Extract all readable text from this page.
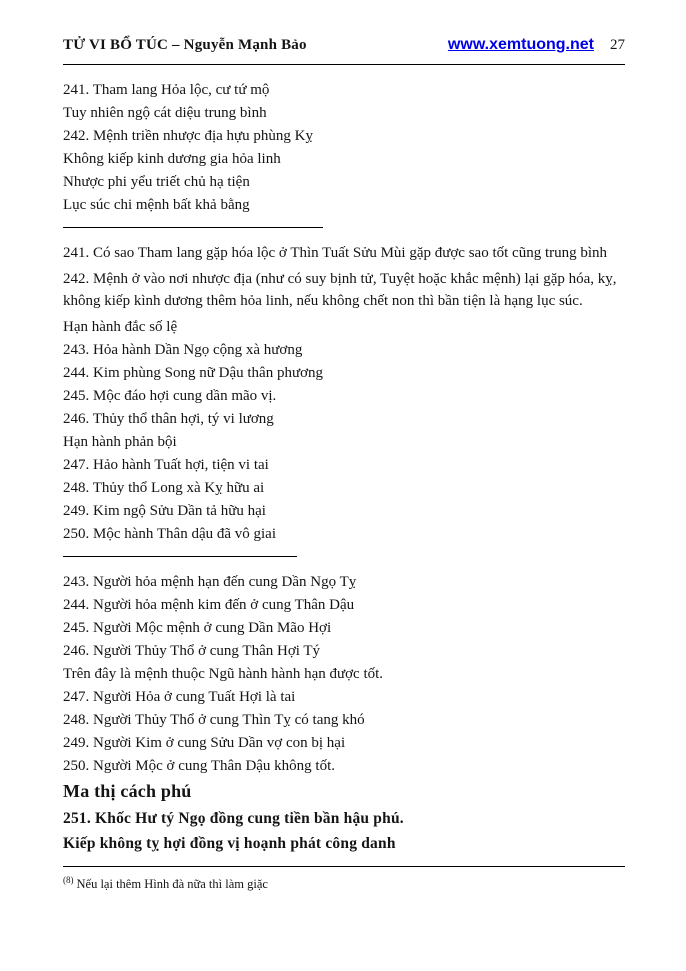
TỬ VI BỔ TÚC – Nguyễn Mạnh Bảo	www.xemtuong.net 27

241. Tham lang Hỏa lộc, cư tứ mộ

Tuy nhiên ngộ cát diệu trung bình

242. Mệnh triền nhược địa hựu phùng Kỵ

Không kiếp kinh dương gia hỏa linh

Nhược phi yểu triết chủ hạ tiện

Lục súc chi mệnh bất khả bằng

241. Có sao Tham lang gặp hóa lộc ở Thìn Tuất Sửu Mùi gặp được sao tốt cũng trung bình

242. Mệnh ở vào nơi nhược địa (như có suy bịnh tử, Tuyệt hoặc khắc mệnh) lại gặp hóa, kỵ, không kiếp kình dương thêm hỏa linh, nếu không chết non thì bần tiện là hạng lục súc.

Hạn hành đắc số lệ

243. Hỏa hành Dần Ngọ cộng xà hương

244. Kim phùng Song nữ Dậu thân phương

245. Mộc đáo hợi cung dần mão vị.

246. Thủy thổ thân hợi, tý vi lương

Hạn hành phản bội

247. Hảo hành Tuất hợi, tiện vi tai

248. Thủy thổ Long xà Kỵ hữu ai

249. Kim ngộ Sửu Dần tả hữu hại

250. Mộc hành Thân dậu đã vô giai

243. Người hỏa mệnh hạn đến cung Dần Ngọ Tỵ

244. Người hỏa mệnh kim đến ở cung Thân Dậu

245. Người Mộc mệnh ở cung Dần Mão Hợi

246. Người Thủy Thổ ở cung Thân Hợi Tý

Trên đây là mệnh thuộc Ngũ hành hành hạn được tốt.

247. Người Hỏa ở cung Tuất Hợi là tai

248. Người Thủy Thổ ở cung Thìn Tỵ có tang khó

249. Người Kim ở cung Sửu Dần vợ con bị hại

250. Người Mộc ở cung Thân Dậu không tốt.

Ma thị cách phú

251. Khốc Hư tý Ngọ đồng cung tiền bần hậu phú.

Kiếp không tỵ hợi đồng vị hoạnh phát công danh

$^{(8)}$ Nếu lại thêm Hình đà nữa thì làm giặc
